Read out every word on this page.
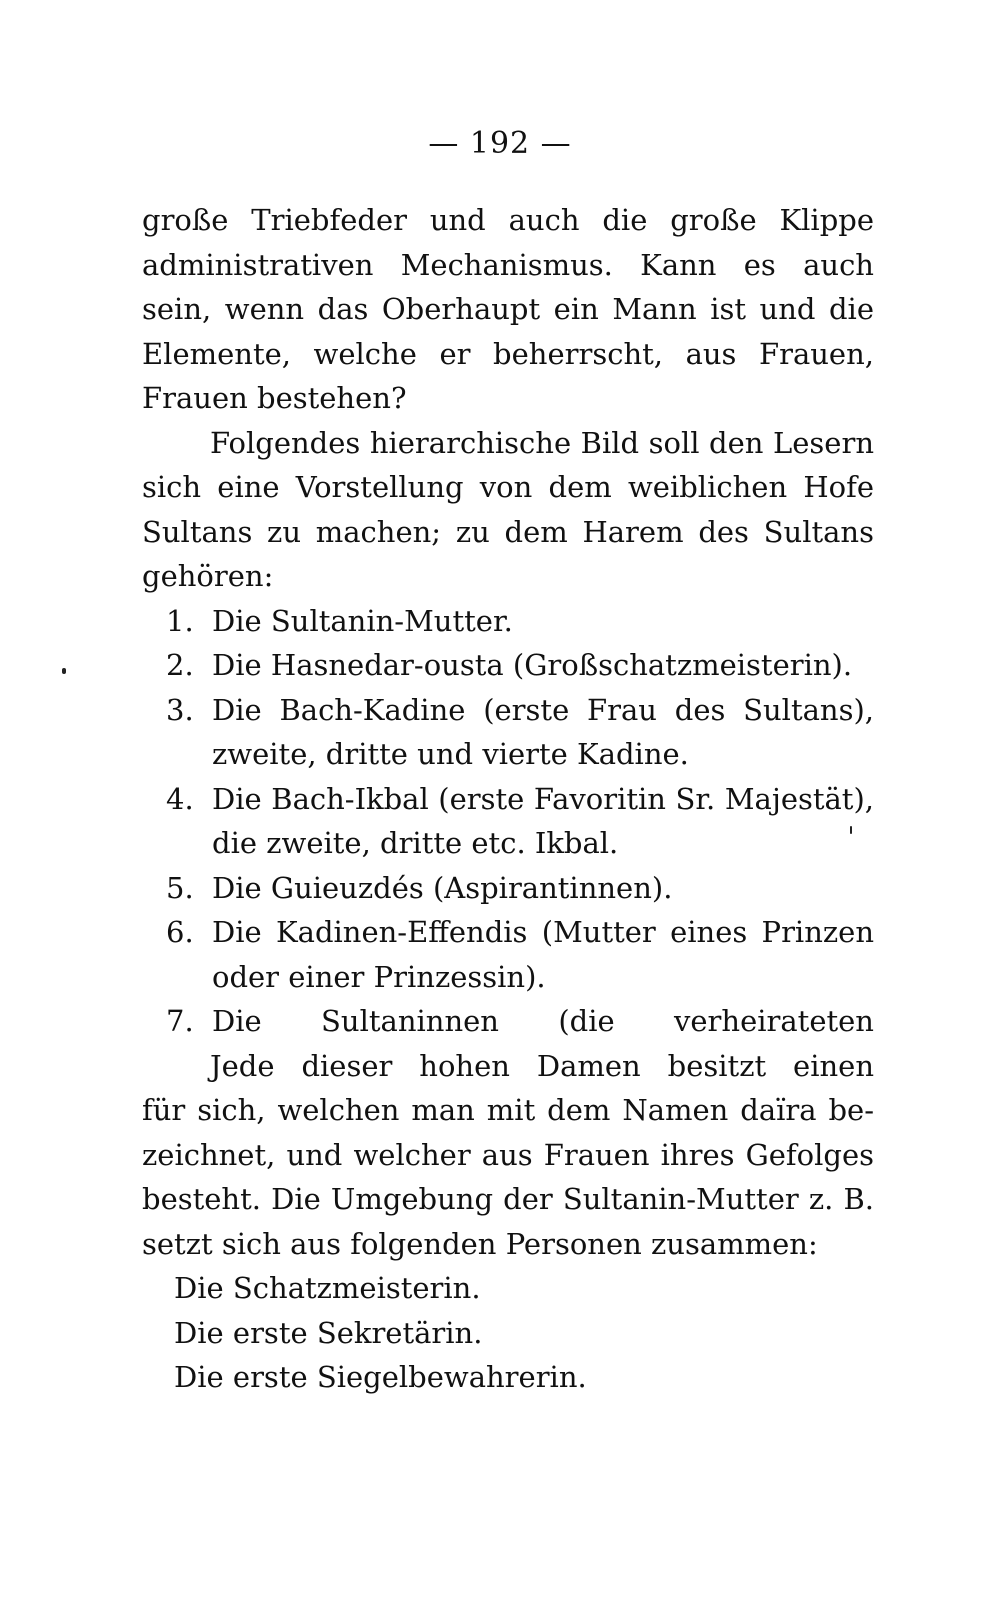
— 192 —
große Triebfeder und auch die große Klippe
administrativen Mechanismus. Kann es auch
sein, wenn das Oberhaupt ein Mann ist und die
Elemente, welche er beherrscht, aus Frauen,
Frauen bestehen?
Folgendes hierarchische Bild soll den Lesern
sich eine Vorstellung von dem weiblichen Hofe
Sultans zu machen; zu dem Harem des Sultans
gehören:
1. Die Sultanin-Mutter.
2. Die Hasnedar-ousta (Großschatzmeisterin).
3. Die Bach-Kadine (erste Frau des Sultans),
zweite, dritte und vierte Kadine.
4. Die Bach-Ikbal (erste Favoritin Sr. Majestät),
die zweite, dritte etc. Ikbal.
5. Die Guieuzdés (Aspirantinnen).
6. Die Kadinen-Effendis (Mutter eines Prinzen
oder einer Prinzessin).
7. Die Sultaninnen (die verheirateten
Jede dieser hohen Damen besitzt einen
für sich, welchen man mit dem Namen daïra be-
zeichnet, und welcher aus Frauen ihres Gefolges
besteht. Die Umgebung der Sultanin-Mutter z. B.
setzt sich aus folgenden Personen zusammen:
Die Schatzmeisterin.
Die erste Sekretärin.
Die erste Siegelbewahrerin.
